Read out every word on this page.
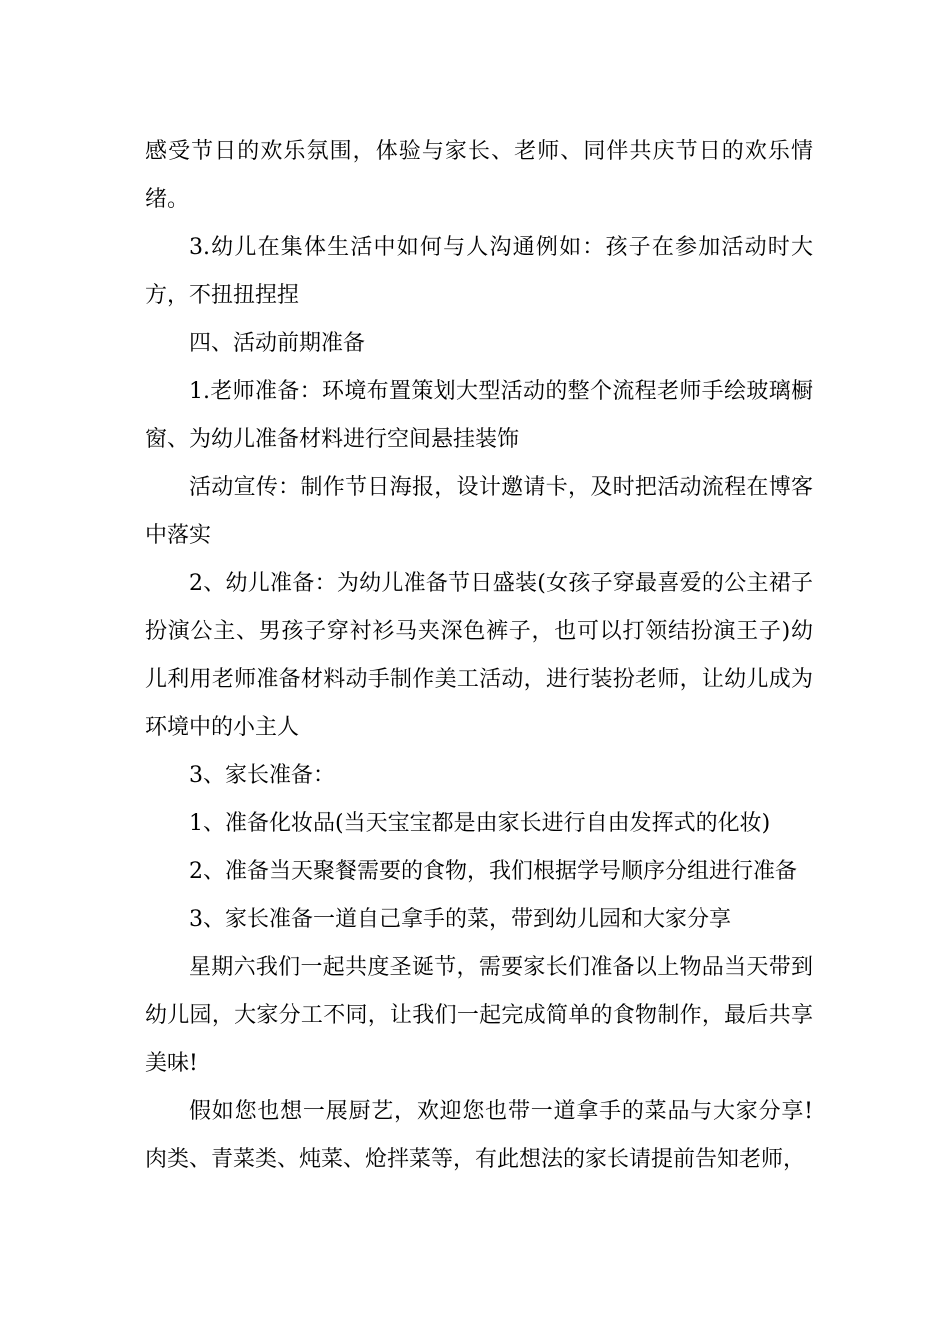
感受节日的欢乐氛围，体验与家长、老师、同伴共庆节日的欢乐情绪。

3.幼儿在集体生活中如何与人沟通例如：孩子在参加活动时大方，不扭扭捏捏

四、活动前期准备

1.老师准备：环境布置策划大型活动的整个流程老师手绘玻璃橱窗、为幼儿准备材料进行空间悬挂装饰

活动宣传：制作节日海报，设计邀请卡，及时把活动流程在博客中落实

2、幼儿准备：为幼儿准备节日盛装(女孩子穿最喜爱的公主裙子扮演公主、男孩子穿衬衫马夹深色裤子，也可以打领结扮演王子)幼儿利用老师准备材料动手制作美工活动，进行装扮老师，让幼儿成为环境中的小主人

3、家长准备：

1、准备化妆品(当天宝宝都是由家长进行自由发挥式的化妆)

2、准备当天聚餐需要的食物，我们根据学号顺序分组进行准备

3、家长准备一道自己拿手的菜，带到幼儿园和大家分享

星期六我们一起共度圣诞节，需要家长们准备以上物品当天带到幼儿园，大家分工不同，让我们一起完成简单的食物制作，最后共享美味!

假如您也想一展厨艺，欢迎您也带一道拿手的菜品与大家分享!肉类、青菜类、炖菜、炝拌菜等，有此想法的家长请提前告知老师，
